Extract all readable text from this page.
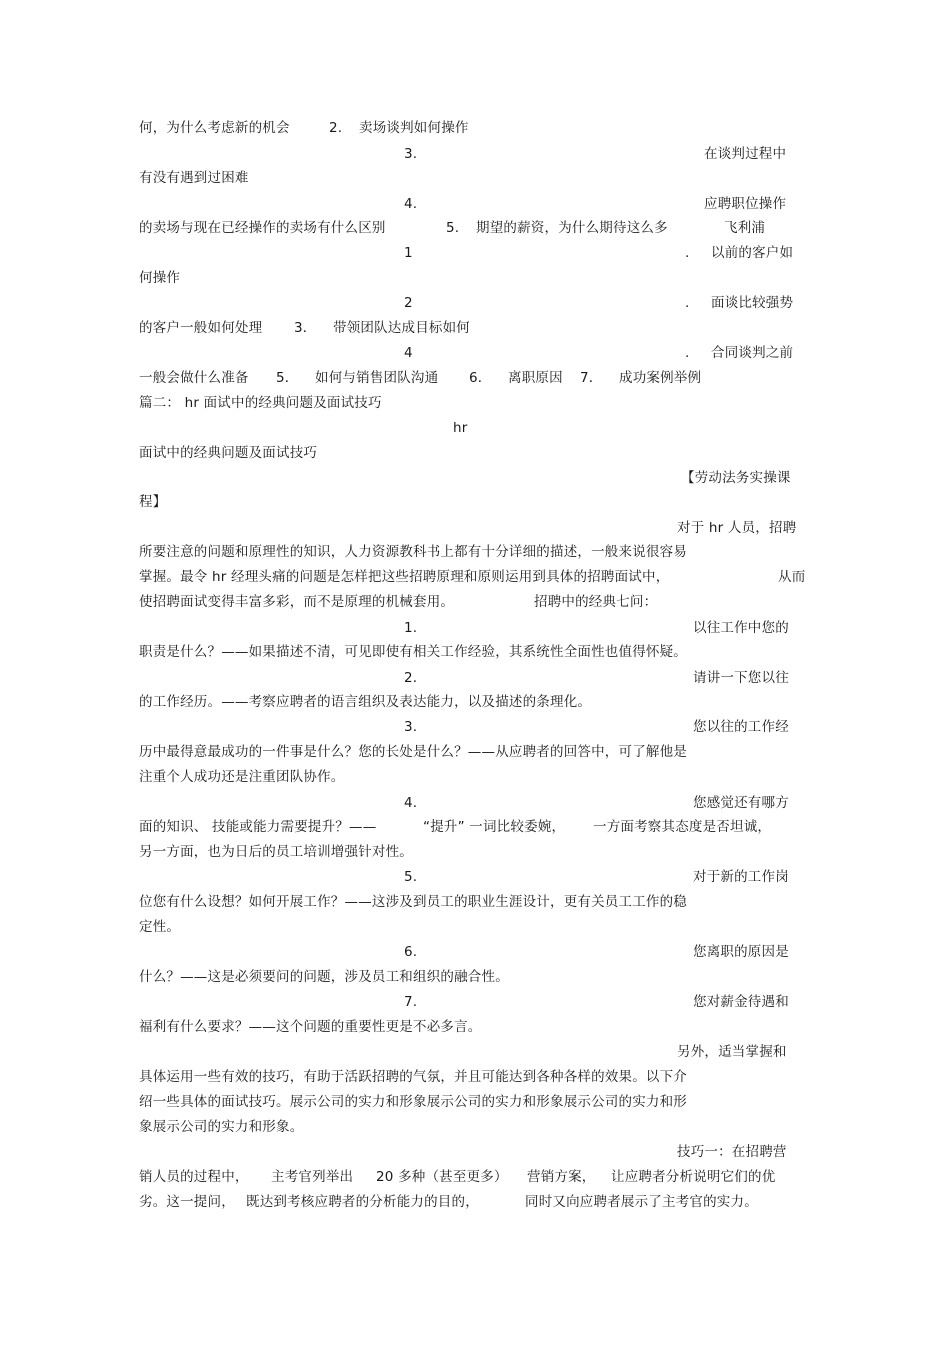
何，为什么考虑新的机会	2. 卖场谈判如何操作
3.	在谈判过程中
有没有遇到过困难
4.	应聘职位操作
的卖场与现在已经操作的卖场有什么区别	5. 期望的薪资，为什么期待这么多	飞利浦
1	. 以前的客户如
何操作
2	. 面谈比较强势
的客户一般如何处理 3． 带领团队达成目标如何
4	. 合同谈判之前
一般会做什么准备 5． 如何与销售团队沟通 6． 离职原因 7． 成功案例举例
篇二： hr 面试中的经典问题及面试技巧
hr
面试中的经典问题及面试技巧
【劳动法务实操课
程】
对于 hr 人员，招聘
所要注意的问题和原理性的知识，人力资源教科书上都有十分详细的描述，一般来说很容易
掌握。最令 hr 经理头痛的问题是怎样把这些招聘原理和原则运用到具体的招聘面试中，	从而
使招聘面试变得丰富多彩，而不是原理的机械套用。	招聘中的经典七问：
1.	以往工作中您的
职责是什么？——如果描述不清，可见即使有相关工作经验，其系统性全面性也值得怀疑。
2.	请讲一下您以往
的工作经历。——考察应聘者的语言组织及表达能力，以及描述的条理化。
3.	您以往的工作经
历中最得意最成功的一件事是什么？您的长处是什么？——从应聘者的回答中，可了解他是
注重个人成功还是注重团队协作。
4.	您感觉还有哪方
面的知识、 技能或能力需要提升？——	“提升” 一词比较委婉， 一方面考察其态度是否坦诚，
另一方面，也为日后的员工培训增强针对性。
5.	对于新的工作岗
位您有什么设想？如何开展工作？——这涉及到员工的职业生涯设计，更有关员工工作的稳
定性。
6.	您离职的原因是
什么？——这是必须要问的问题，涉及员工和组织的融合性。
7.	您对薪金待遇和
福利有什么要求？——这个问题的重要性更是不必多言。
另外，适当掌握和
具体运用一些有效的技巧，有助于活跃招聘的气氛，并且可能达到各种各样的效果。以下介
绍一些具体的面试技巧。展示公司的实力和形象展示公司的实力和形象展示公司的实力和形
象展示公司的实力和形象。
技巧一：在招聘营
销人员的过程中， 主考官列举出 20 多种（甚至更多） 营销方案， 让应聘者分析说明它们的优
劣。这一提问， 既达到考核应聘者的分析能力的目的，	同时又向应聘者展示了主考官的实力。
